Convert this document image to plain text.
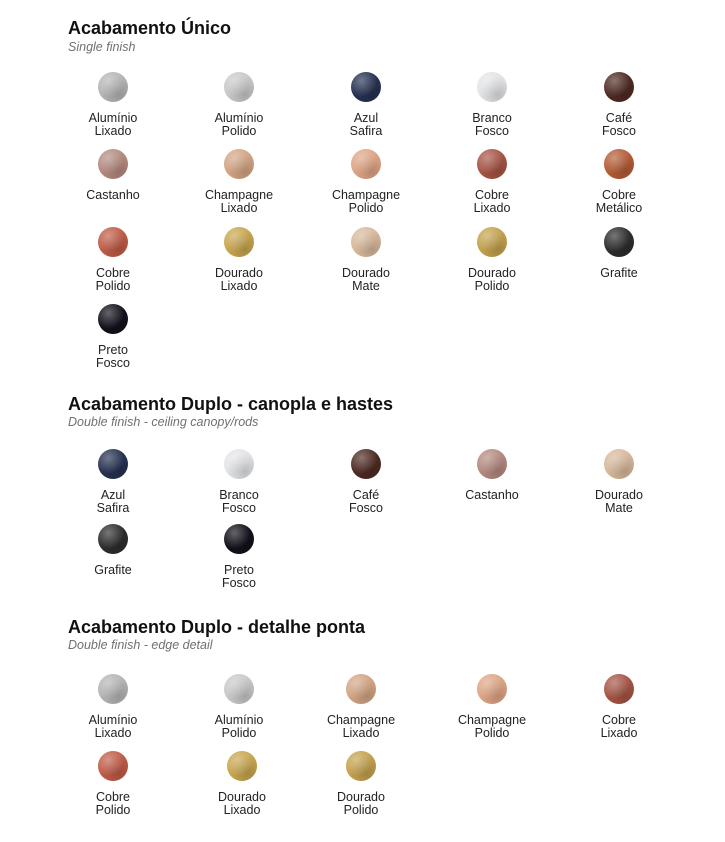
Acabamento Único
Single finish
Alumínio
Lixado
Alumínio
Polido
Azul
Safira
Branco
Fosco
Café
Fosco
Castanho	Champagne
Lixado
Champagne
Polido
Cobre
Lixado
Cobre
Metálico
Cobre
Polido
Dourado
Lixado
Dourado
Mate
Dourado
Polido
Grafite
Preto
Fosco
Acabamento Duplo - canopla e hastes
Double finish - ceiling canopy/rods
Azul
Safira
Branco
Fosco
Café
Fosco
Castanho	Dourado
Mate
Grafite	Preto
Fosco
Acabamento Duplo - detalhe ponta
Double finish - edge detail
Alumínio
Lixado
Alumínio
Polido
Champagne
Lixado
Champagne
Polido
Cobre
Lixado
Cobre
Polido
Dourado
Lixado
Dourado
Polido
